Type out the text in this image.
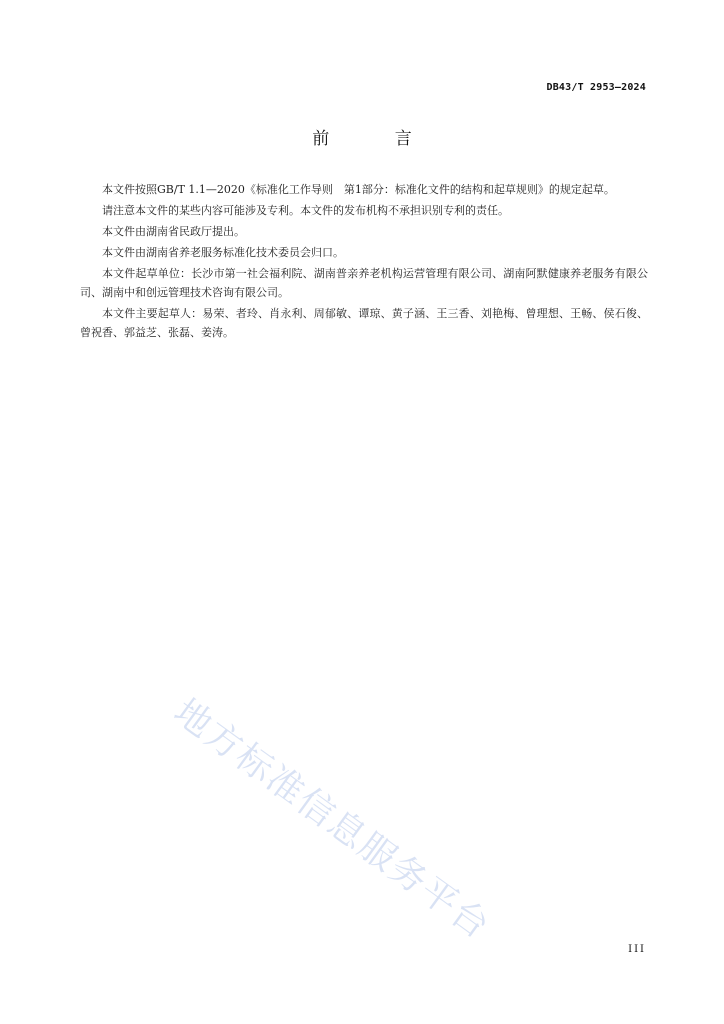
DB43/T 2953—2024
前 言

本文件按照GB/T 1.1—2020《标准化工作导则　第1部分：标准化文件的结构和起草规则》的规定起草。

请注意本文件的某些内容可能涉及专利。本文件的发布机构不承担识别专利的责任。

本文件由湖南省民政厅提出。

本文件由湖南省养老服务标准化技术委员会归口。

本文件起草单位：长沙市第一社会福利院、湖南普亲养老机构运营管理有限公司、湖南阿默健康养老服务有限公司、湖南中和创远管理技术咨询有限公司。

本文件主要起草人：易荣、者玲、肖永利、周郁敏、谭琼、黄子涵、王三香、刘艳梅、曾理想、王畅、侯石俊、曾祝香、郭益芝、张磊、姜涛。

地方标准信息服务平台
III
